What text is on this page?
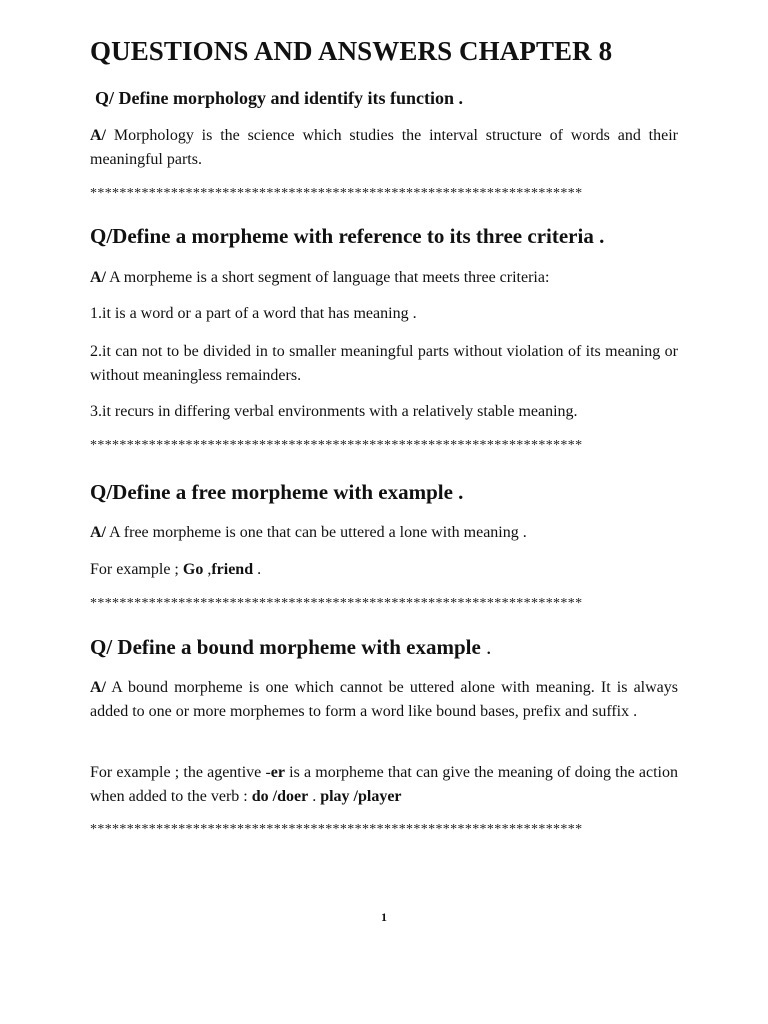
QUESTIONS AND ANSWERS CHAPTER 8
Q/ Define morphology and identify its function .
A/ Morphology is the science which studies the interval structure of words and their meaningful parts.
*******************************************************************
Q/Define a morpheme with reference to its three criteria .
A/ A morpheme is a short segment of language that meets three criteria:
1.it is a word or a part of a word that has meaning .
2.it can not to be divided in to smaller meaningful parts without violation of its meaning or without meaningless remainders.
3.it recurs in differing verbal environments with a relatively stable meaning.
*******************************************************************
Q/Define a free morpheme with example .
A/ A free morpheme is one that can be uttered a lone with meaning .
For example ; Go ,friend .
*******************************************************************
Q/ Define a bound morpheme with example .
A/ A bound morpheme is one which cannot be uttered alone with meaning. It is always added to one or more morphemes to form a word like bound bases, prefix and suffix .
For example ; the agentive -er is a morpheme that can give the meaning of doing the action when added to the verb : do /doer . play /player
*******************************************************************
1
